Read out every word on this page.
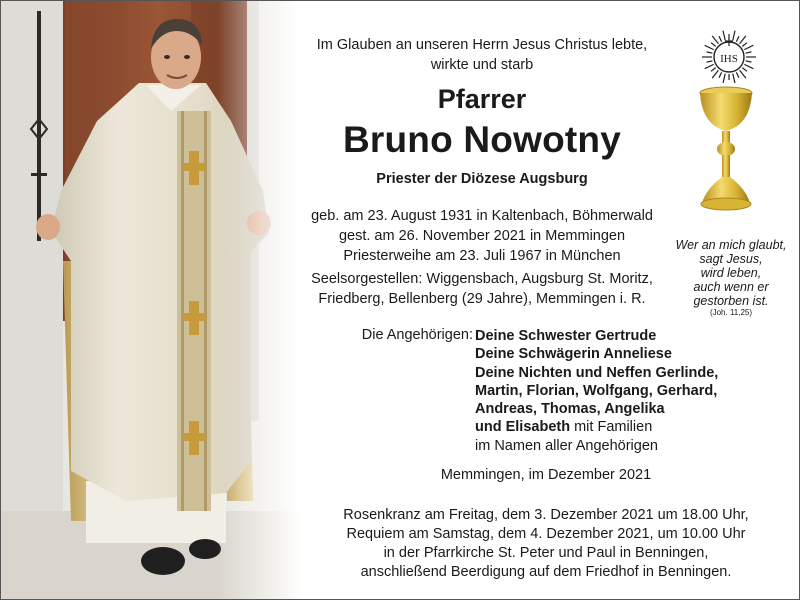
Im Glauben an unseren Herrn Jesus Christus lebte,
wirkte und starb
Pfarrer
Bruno Nowotny
Priester der Diözese Augsburg
geb. am 23. August 1931 in Kaltenbach, Böhmerwald
gest. am 26. November 2021 in Memmingen
Priesterweihe am 23. Juli 1967 in München
Seelsorgestellen: Wiggensbach, Augsburg St. Moritz,
Friedberg, Bellenberg (29 Jahre), Memmingen i. R.
Die Angehörigen: Deine Schwester Gertrude
Deine Schwägerin Anneliese
Deine Nichten und Neffen Gerlinde,
Martin, Florian, Wolfgang, Gerhard,
Andreas, Thomas, Angelika
und Elisabeth mit Familien
im Namen aller Angehörigen
Memmingen, im Dezember 2021
Rosenkranz am Freitag, dem 3. Dezember 2021 um 18.00 Uhr,
Requiem am Samstag, dem 4. Dezember 2021, um 10.00 Uhr
in der Pfarrkirche St. Peter und Paul in Benningen,
anschließend Beerdigung auf dem Friedhof in Benningen.
IHS
Wer an mich glaubt,
sagt Jesus,
wird leben,
auch wenn er
gestorben ist.
(Joh. 11,25)
